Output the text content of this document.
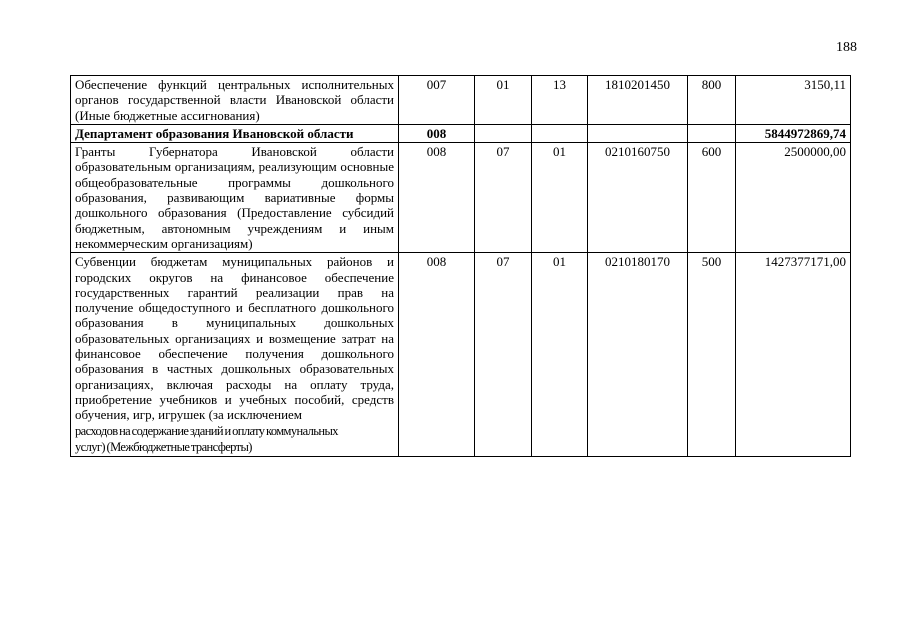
188
Обеспечение функций центральных исполнительных органов государственной власти Ивановской области (Иные бюджетные ассигнования)	007	01	13	1810201450	800	3150,11
Департамент образования Ивановской области	008					5844972869,74
Гранты Губернатора Ивановской области образовательным организациям, реализующим основные общеобразовательные программы дошкольного образования, развивающим вариативные формы дошкольного образования (Предоставление субсидий бюджетным, автономным учреждениям и иным некоммерческим организациям)	008	07	01	0210160750	600	2500000,00
Субвенции бюджетам муниципальных районов и городских округов на финансовое обеспечение государственных гарантий реализации прав на получение общедоступного и бесплатного дошкольного образования в муниципальных дошкольных образовательных организациях и возмещение затрат на финансовое обеспечение получения дошкольного образования в частных дошкольных образовательных организациях, включая расходы на оплату труда, приобретение учебников и учебных пособий, средств обучения, игр, игрушек (за исключением
расходов на содержание зданий и оплату коммунальных
услуг) (Межбюджетные трансферты)	008	07	01	0210180170	500	1427377171,00
